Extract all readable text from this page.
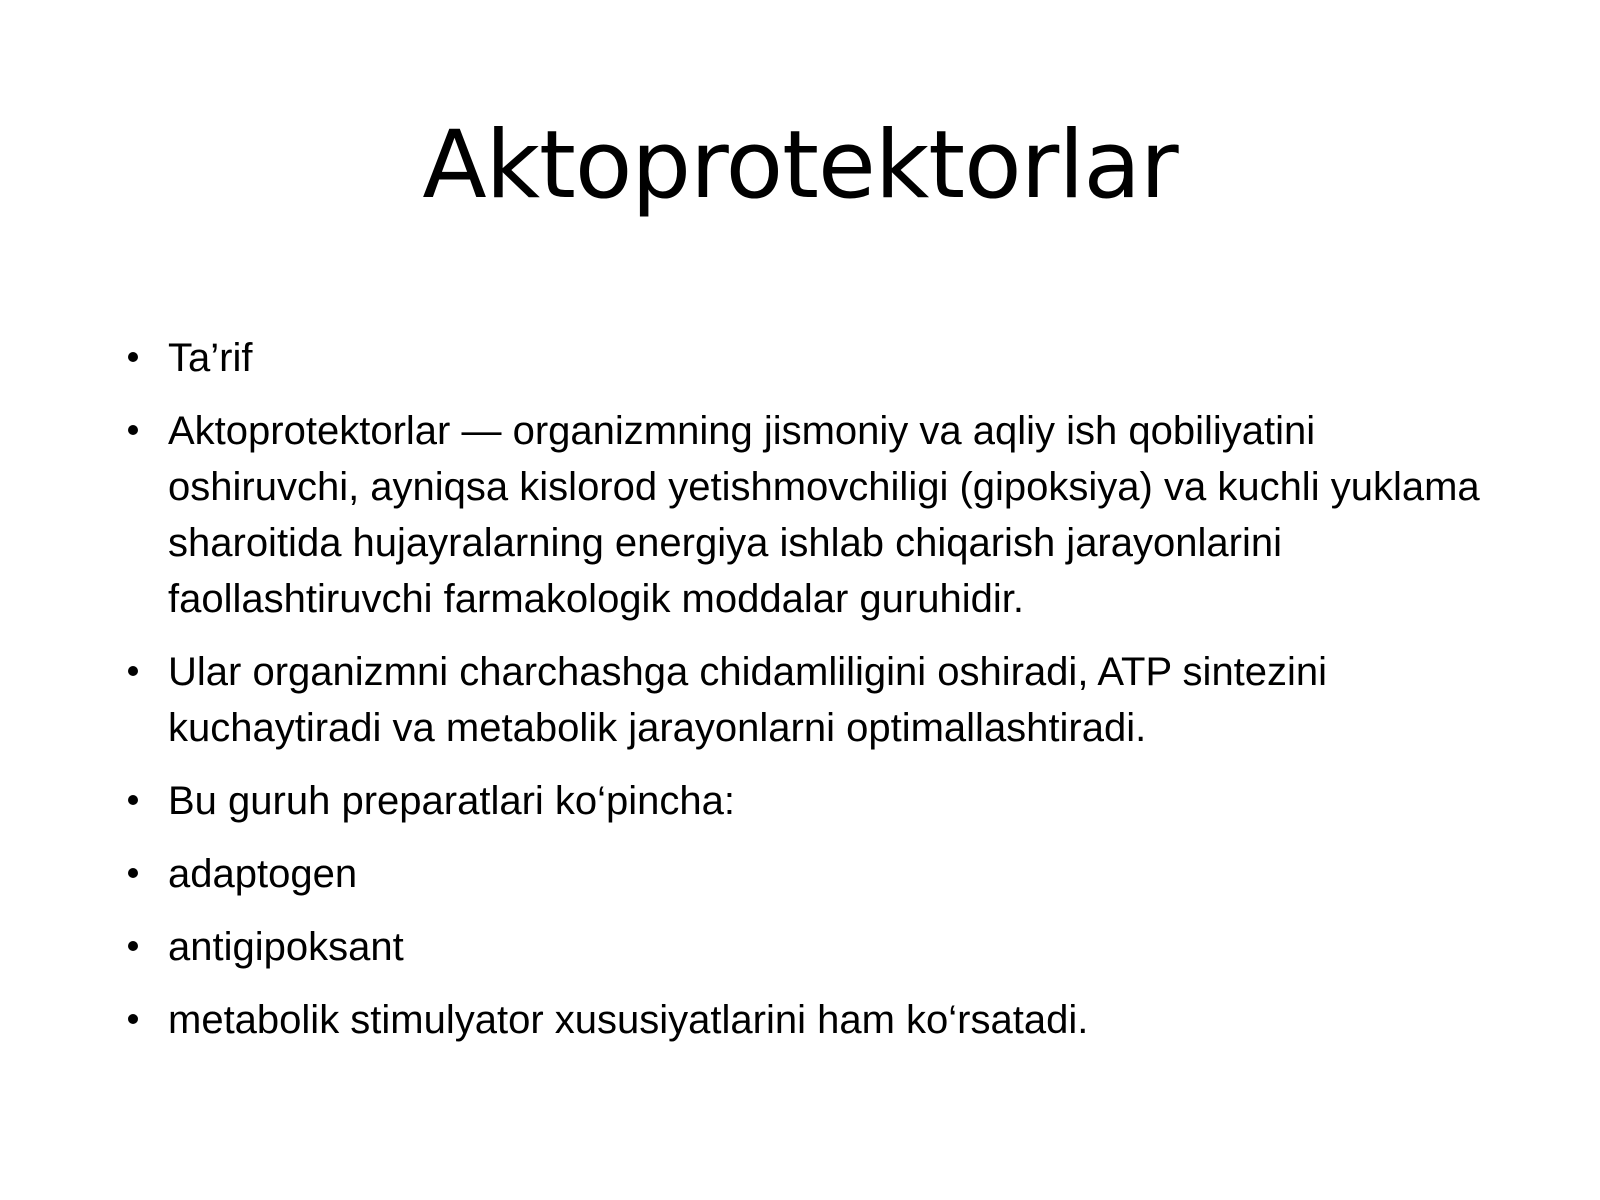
Aktoprotektorlar
Ta’rif
Aktoprotektorlar — organizmning jismoniy va aqliy ish qobiliyatini oshiruvchi, ayniqsa kislorod yetishmovchiligi (gipoksiya) va kuchli yuklama sharoitida hujayralarning energiya ishlab chiqarish jarayonlarini faollashtiruvchi farmakologik moddalar guruhidir.
Ular organizmni charchashga chidamliligini oshiradi, ATP sintezini kuchaytiradi va metabolik jarayonlarni optimallashtiradi.
Bu guruh preparatlari ko‘pincha:
adaptogen
antigipoksant
metabolik stimulyator xususiyatlarini ham ko‘rsatadi.
